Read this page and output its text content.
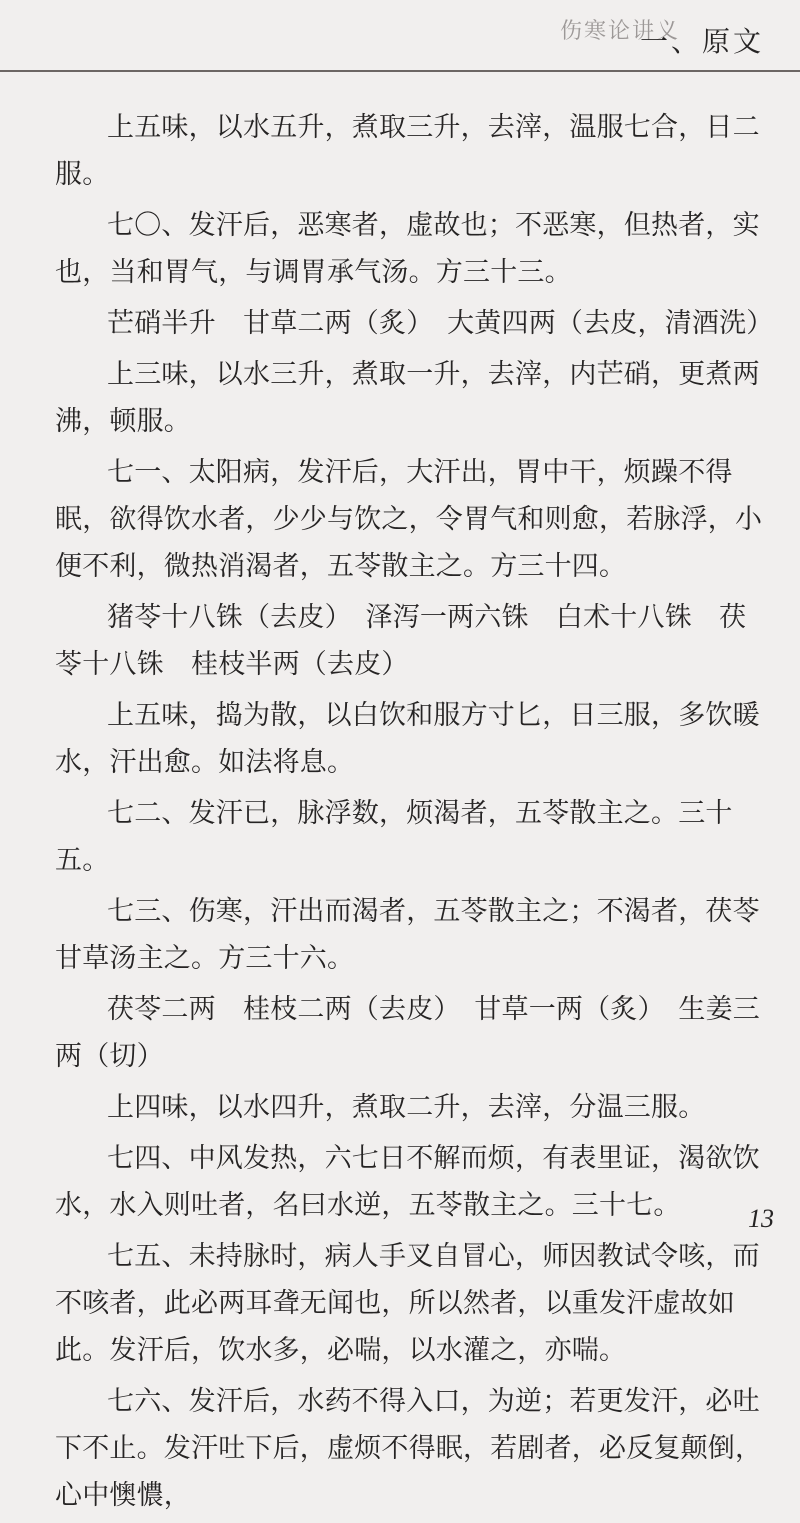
伤寒论讲义
一、原文

上五味，以水五升，煮取三升，去滓，温服七合，日二服。

七〇、发汗后，恶寒者，虚故也；不恶寒，但热者，实也，当和胃气，与调胃承气汤。方三十三。

芒硝半升　甘草二两（炙）　大黄四两（去皮，清酒洗）

上三味，以水三升，煮取一升，去滓，内芒硝，更煮两沸，顿服。

七一、太阳病，发汗后，大汗出，胃中干，烦躁不得眠，欲得饮水者，少少与饮之，令胃气和则愈，若脉浮，小便不利，微热消渴者，五苓散主之。方三十四。

猪苓十八铢（去皮）　泽泻一两六铢　白术十八铢　茯苓十八铢　桂枝半两（去皮）

上五味，捣为散，以白饮和服方寸匕，日三服，多饮暖水，汗出愈。如法将息。

七二、发汗已，脉浮数，烦渴者，五苓散主之。三十五。

七三、伤寒，汗出而渴者，五苓散主之；不渴者，茯苓甘草汤主之。方三十六。

茯苓二两　桂枝二两（去皮）　甘草一两（炙）　生姜三两（切）

上四味，以水四升，煮取二升，去滓，分温三服。

七四、中风发热，六七日不解而烦，有表里证，渴欲饮水，水入则吐者，名曰水逆，五苓散主之。三十七。

七五、未持脉时，病人手叉自冒心，师因教试令咳，而不咳者，此必两耳聋无闻也，所以然者，以重发汗虚故如此。发汗后，饮水多，必喘，以水灌之，亦喘。

七六、发汗后，水药不得入口，为逆；若更发汗，必吐下不止。发汗吐下后，虚烦不得眠，若剧者，必反复颠倒，心中懊憹，

13
